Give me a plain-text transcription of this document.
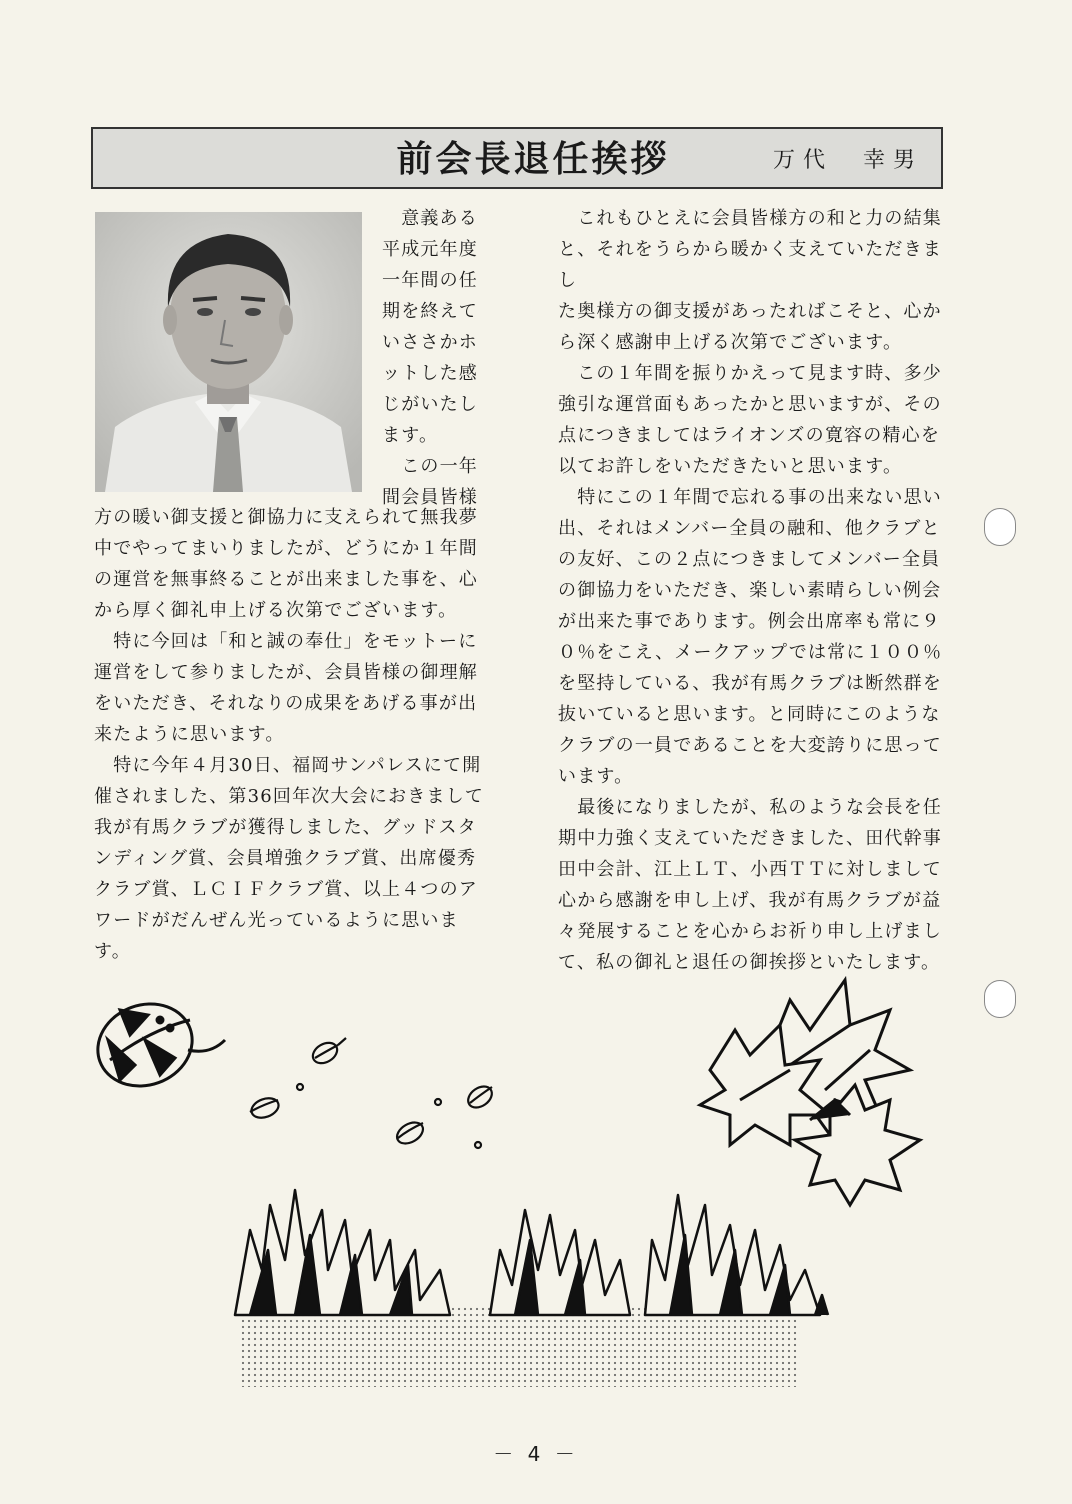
前会長退任挨拶	万代　幸男

　意義ある

平成元年度

一年間の任

期を終えて

いささかホ

ットした感

じがいたし

ます。

　この一年

間会員皆様

方の暖い御支援と御協力に支えられて無我夢

中でやってまいりましたが、どうにか１年間

の運営を無事終ることが出来ました事を、心

から厚く御礼申上げる次第でございます。

　特に今回は「和と誠の奉仕」をモットーに

運営をして参りましたが、会員皆様の御理解

をいただき、それなりの成果をあげる事が出

来たように思います。

　特に今年４月30日、福岡サンパレスにて開

催されました、第36回年次大会におきまして

我が有馬クラブが獲得しました、グッドスタ

ンディング賞、会員増強クラブ賞、出席優秀

クラブ賞、ＬＣＩＦクラブ賞、以上４つのア

ワードがだんぜん光っているように思います。

　これもひとえに会員皆様方の和と力の結集

と、それをうらから暖かく支えていただきまし

た奥様方の御支援があったればこそと、心か

ら深く感謝申上げる次第でございます。

　この１年間を振りかえって見ます時、多少

強引な運営面もあったかと思いますが、その

点につきましてはライオンズの寛容の精心を

以てお許しをいただきたいと思います。

　特にこの１年間で忘れる事の出来ない思い

出、それはメンバー全員の融和、他クラブと

の友好、この２点につきましてメンバー全員

の御協力をいただき、楽しい素晴らしい例会

が出来た事であります。例会出席率も常に９

０％をこえ、メークアップでは常に１００％

を堅持している、我が有馬クラブは断然群を

抜いていると思います。と同時にこのような

クラブの一員であることを大変誇りに思って

います。

　最後になりましたが、私のような会長を任

期中力強く支えていただきました、田代幹事

田中会計、江上ＬＴ、小西ＴＴに対しまして

心から感謝を申し上げ、我が有馬クラブが益

々発展することを心からお祈り申し上げまし

て、私の御礼と退任の御挨拶といたします。

－ 4 －
